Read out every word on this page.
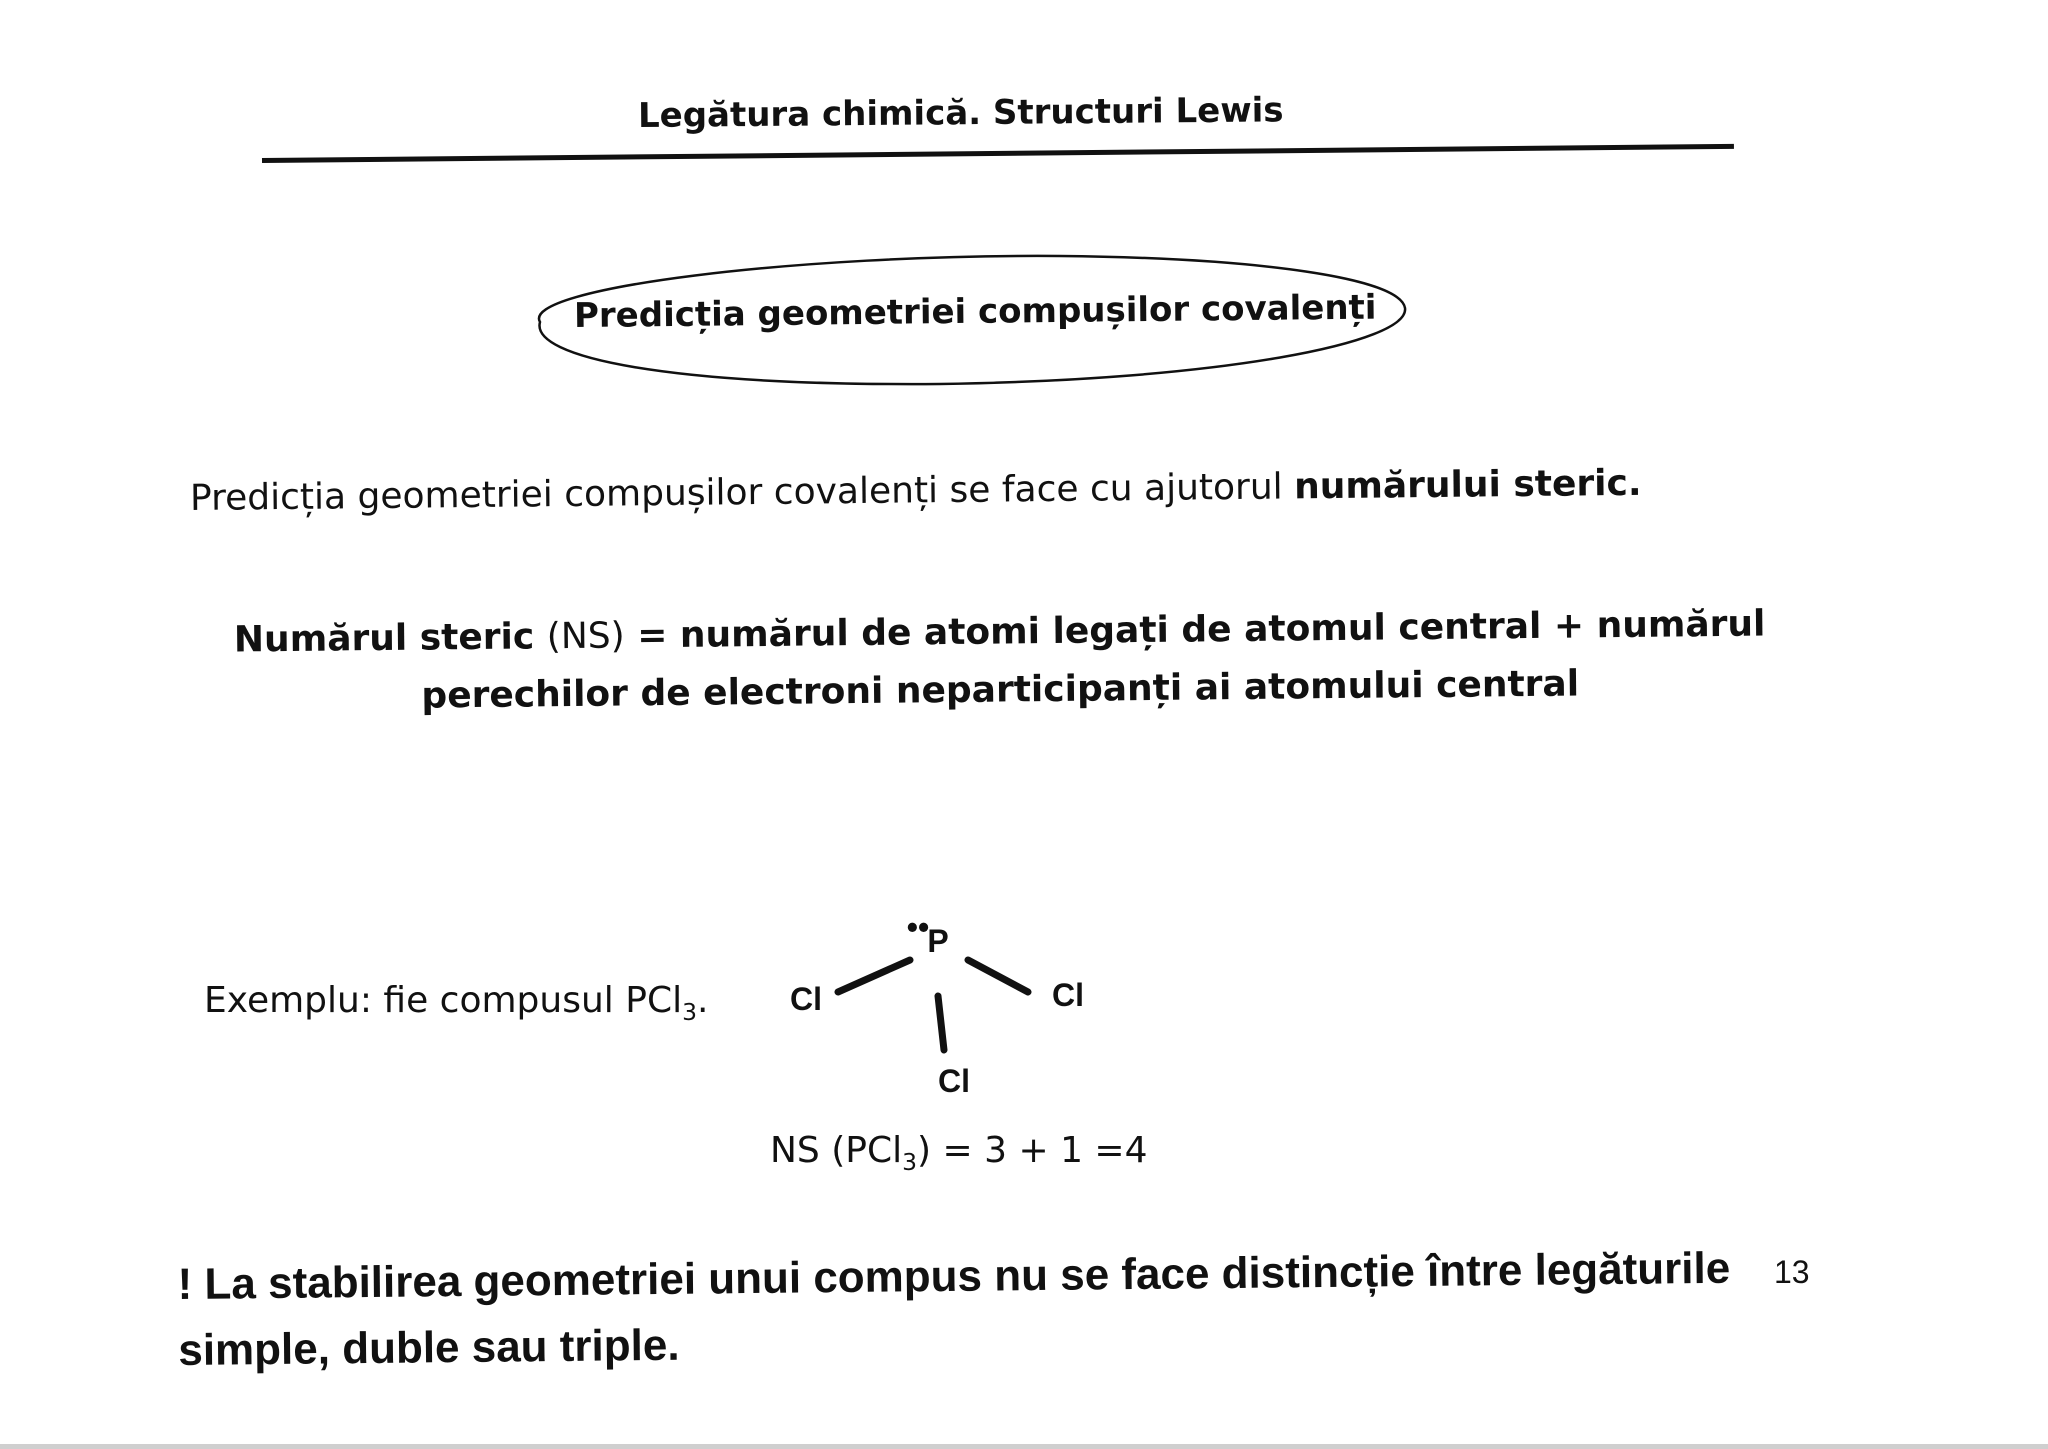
Legătura chimică. Structuri Lewis
Predicția geometriei compușilor covalenți
Predicția geometriei compușilor covalenți se face cu ajutorul numărului steric.
Numărul steric (NS) = numărul de atomi legați de atomul central + numărul perechilor de electroni neparticipanți ai atomului central
Exemplu: fie compusul PCl$_3$.
••
P
Cl	Cl
Cl
NS (PCl$_3$) = 3 + 1 =4
! La stabilirea geometriei unui compus nu se face distincție între legăturile simple, duble sau triple.
13
